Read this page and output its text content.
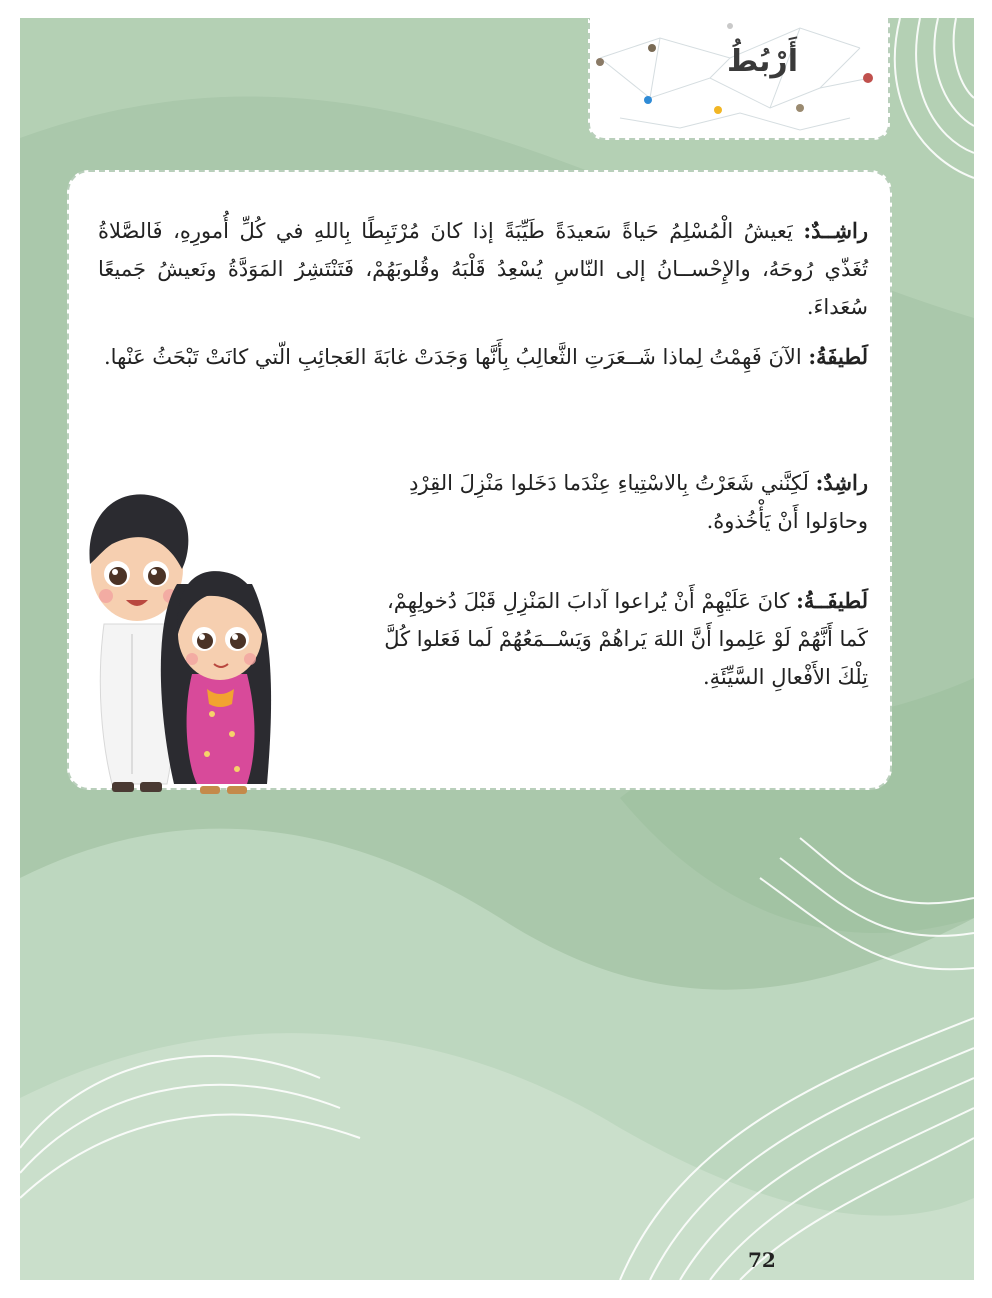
أَرْبُطُ

راشِــدٌ: يَعيشُ الْمُسْلِمُ حَياةً سَعيدَةً طَيِّبَةً إذا كانَ مُرْتَبِطًا بِاللهِ في كُلِّ أُمورِهِ، فَالصَّلاةُ تُغَذّي رُوحَهُ، والإِحْســانُ إلى النّاسِ يُسْعِدُ قَلْبَهُ وقُلوبَهُمْ، فَتَنْتَشِرُ المَوَدَّةُ ونَعيشُ جَميعًا سُعَداءَ.

لَطيفَةُ: الآنَ فَهِمْتُ لِماذا شَــعَرَتِ الثَّعالِبُ بِأَنَّها وَجَدَتْ غابَةَ العَجائِبِ الّتي كانَتْ تَبْحَثُ عَنْها.

راشِدٌ: لَكِنَّني شَعَرْتُ بِالاسْتِياءِ عِنْدَما دَخَلوا مَنْزِلَ القِرْدِ وحاوَلوا أَنْ يَأْخُذوهُ.

لَطيفَــةُ: كانَ عَلَيْهِمْ أَنْ يُراعوا آدابَ المَنْزِلِ قَبْلَ دُخولِهِمْ، كَما أَنَّهُمْ لَوْ عَلِموا أَنَّ اللهَ يَراهُمْ وَيَسْــمَعُهُمْ لَما فَعَلوا كُلَّ تِلْكَ الأَفْعالِ السَّيِّئَةِ.

72
